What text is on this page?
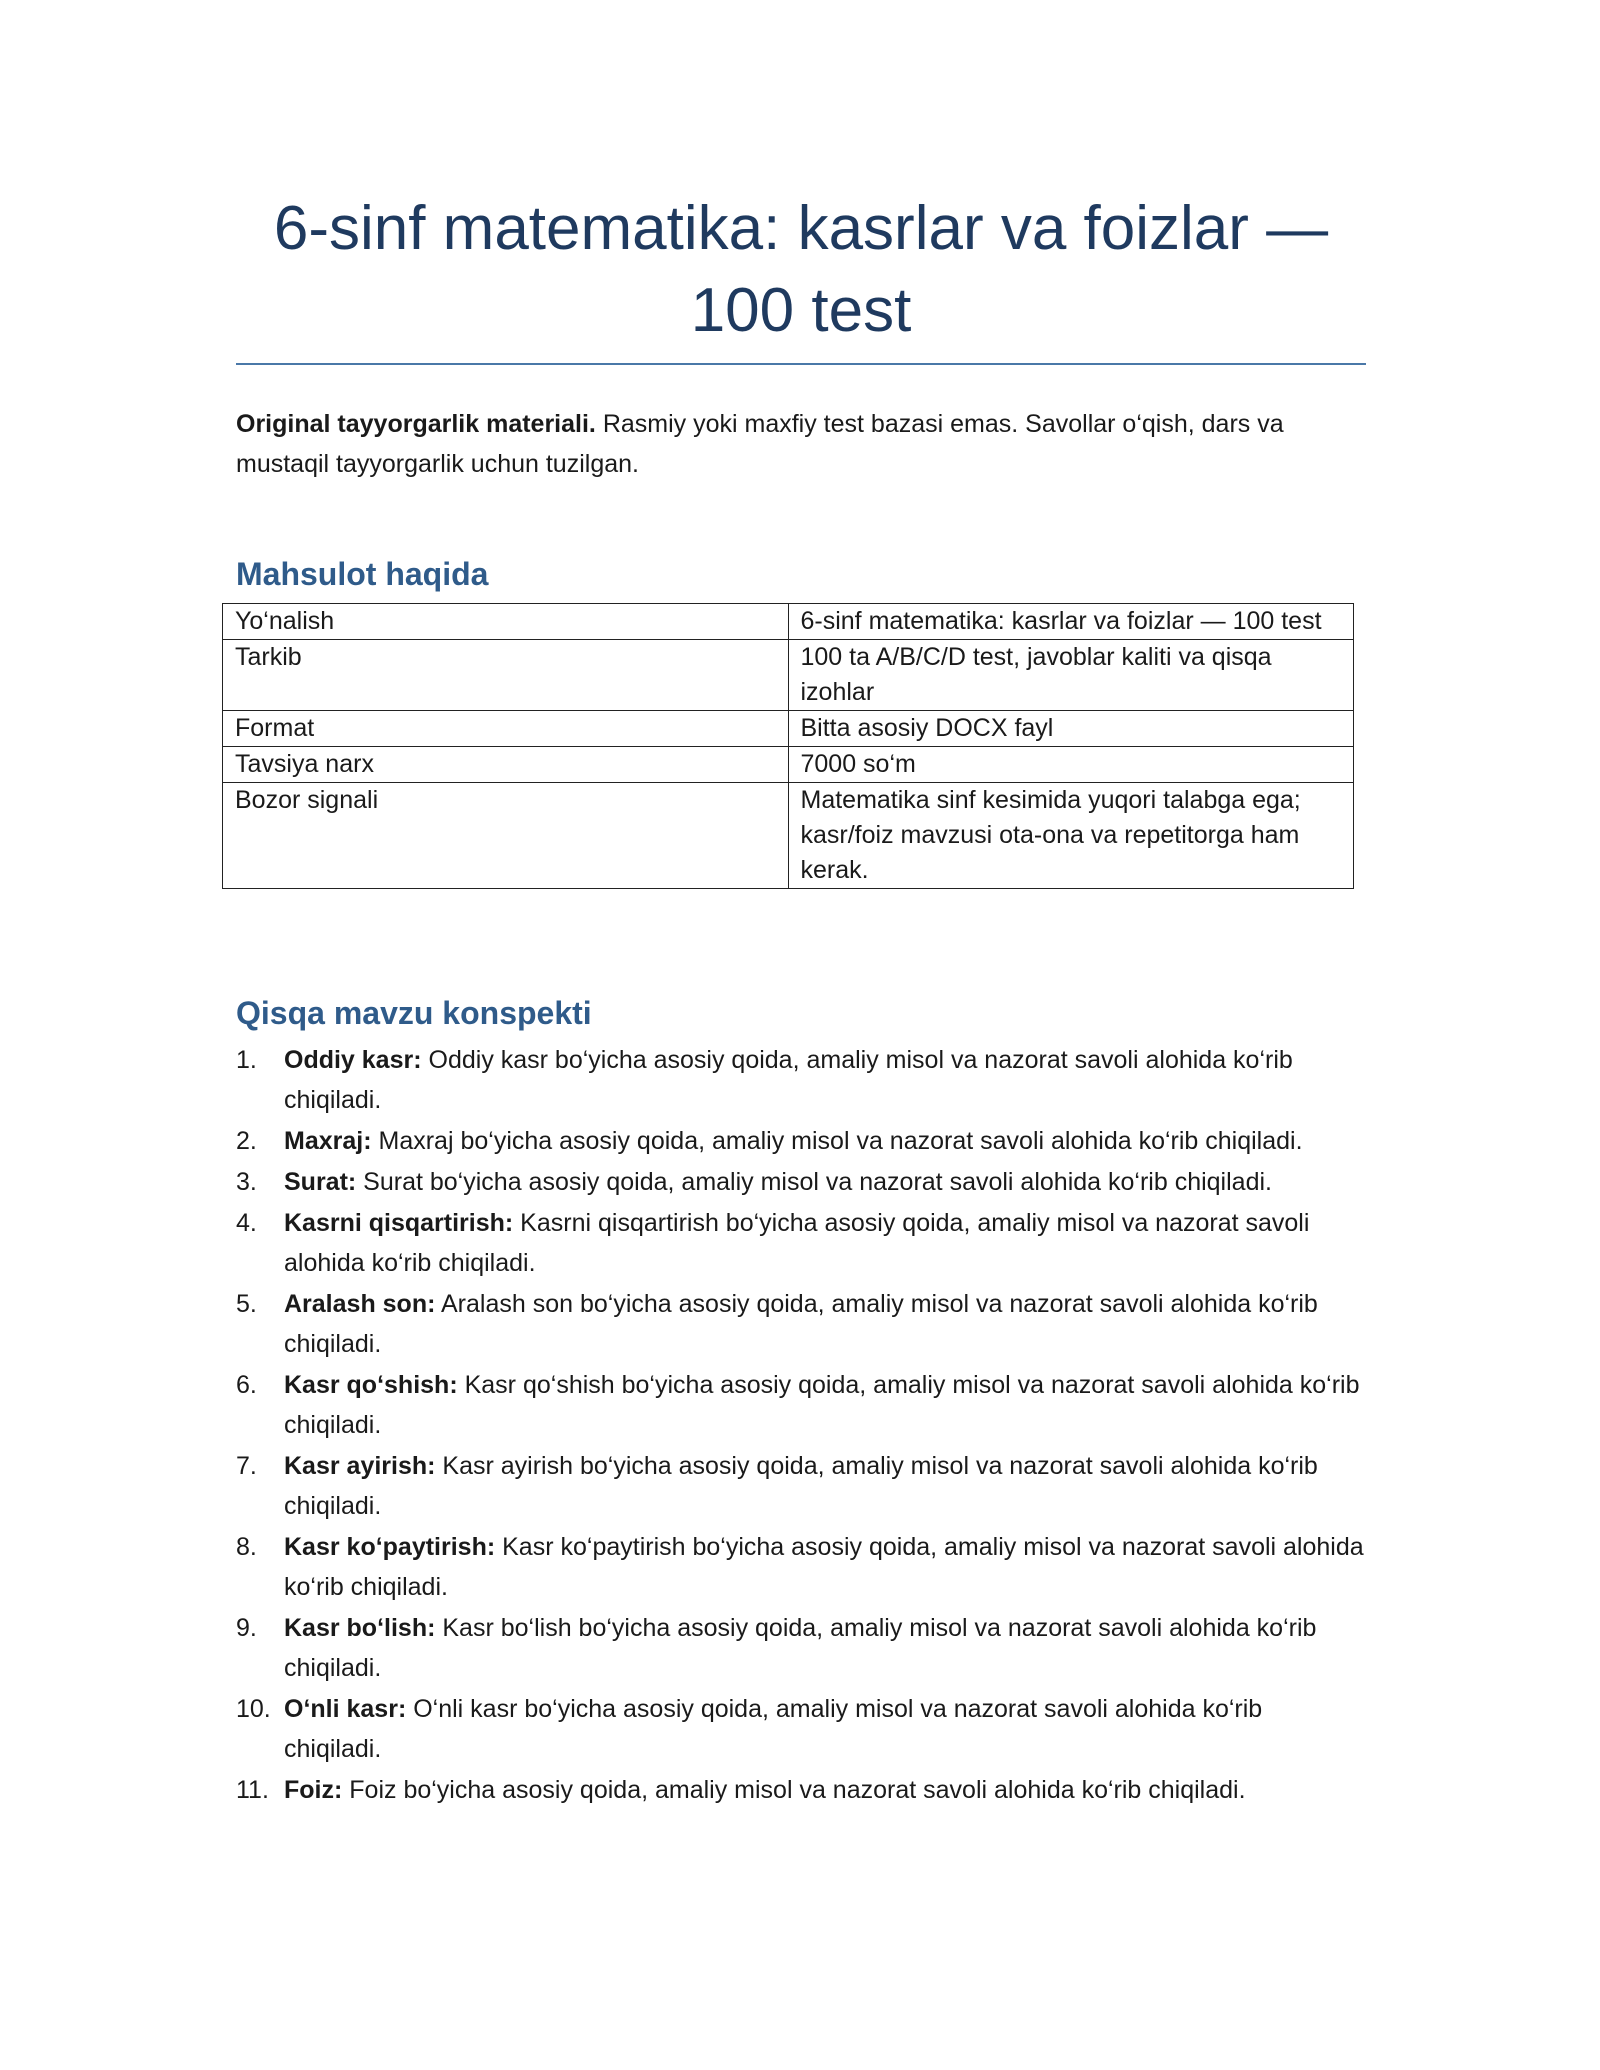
6-sinf matematika: kasrlar va foizlar — 100 test

Original tayyorgarlik materiali. Rasmiy yoki maxfiy test bazasi emas. Savollar o‘qish, dars va mustaqil tayyorgarlik uchun tuzilgan.

Mahsulot haqida
Yo‘nalish	6-sinf matematika: kasrlar va foizlar — 100 test
Tarkib	100 ta A/B/C/D test, javoblar kaliti va qisqa izohlar
Format	Bitta asosiy DOCX fayl
Tavsiya narx	7000 so‘m
Bozor signali	Matematika sinf kesimida yuqori talabga ega; kasr/foiz mavzusi ota-ona va repetitorga ham kerak.
Qisqa mavzu konspekti
1.	Oddiy kasr: Oddiy kasr bo‘yicha asosiy qoida, amaliy misol va nazorat savoli alohida ko‘rib chiqiladi.
2.	Maxraj: Maxraj bo‘yicha asosiy qoida, amaliy misol va nazorat savoli alohida ko‘rib chiqiladi.
3.	Surat: Surat bo‘yicha asosiy qoida, amaliy misol va nazorat savoli alohida ko‘rib chiqiladi.
4.	Kasrni qisqartirish: Kasrni qisqartirish bo‘yicha asosiy qoida, amaliy misol va nazorat savoli alohida ko‘rib chiqiladi.
5.	Aralash son: Aralash son bo‘yicha asosiy qoida, amaliy misol va nazorat savoli alohida ko‘rib chiqiladi.
6.	Kasr qo‘shish: Kasr qo‘shish bo‘yicha asosiy qoida, amaliy misol va nazorat savoli alohida ko‘rib chiqiladi.
7.	Kasr ayirish: Kasr ayirish bo‘yicha asosiy qoida, amaliy misol va nazorat savoli alohida ko‘rib chiqiladi.
8.	Kasr ko‘paytirish: Kasr ko‘paytirish bo‘yicha asosiy qoida, amaliy misol va nazorat savoli alohida ko‘rib chiqiladi.
9.	Kasr bo‘lish: Kasr bo‘lish bo‘yicha asosiy qoida, amaliy misol va nazorat savoli alohida ko‘rib chiqiladi.
10. O‘nli kasr: O‘nli kasr bo‘yicha asosiy qoida, amaliy misol va nazorat savoli alohida ko‘rib chiqiladi.
11. Foiz: Foiz bo‘yicha asosiy qoida, amaliy misol va nazorat savoli alohida ko‘rib chiqiladi.
